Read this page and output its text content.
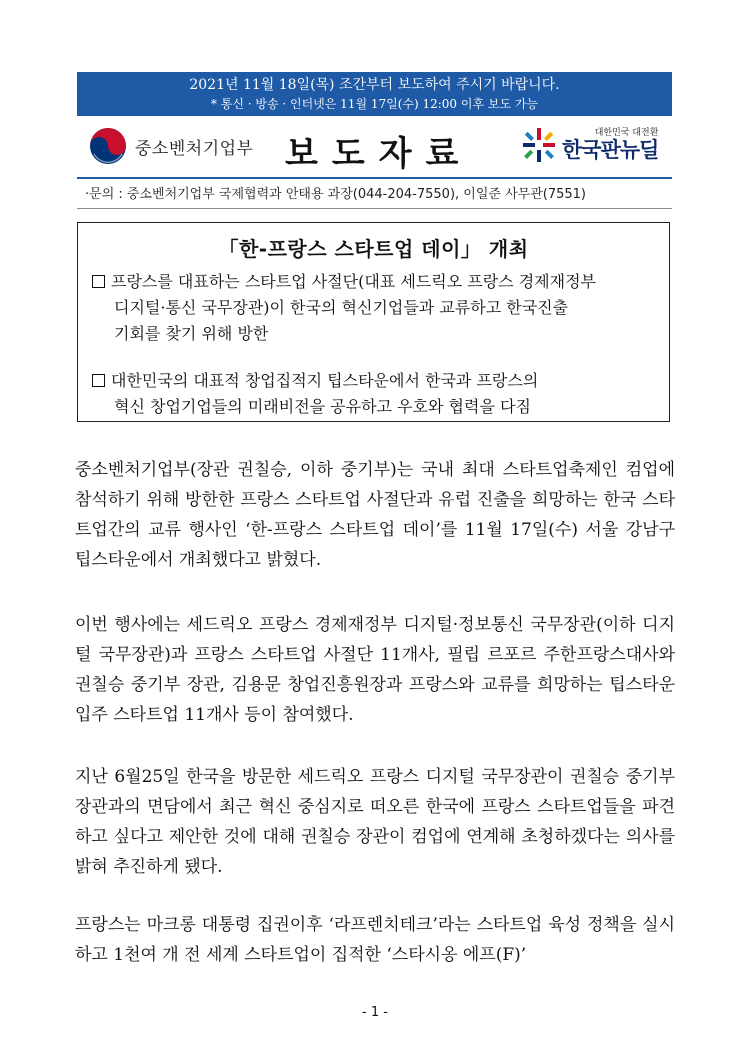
2021년 11월 18일(목) 조간부터 보도하여 주시기 바랍니다.
* 통신 · 방송 · 인터넷은 11월 17일(수) 12:00 이후 보도 가능
중소벤처기업부 보도자료
대한민국 대전환
한국판뉴딜
·문의 : 중소벤처기업부 국제협력과 안태용 과장(044-204-7550), 이일준 사무관(7551)
「한-프랑스 스타트업 데이」 개최
프랑스를 대표하는 스타트업 사절단(대표 세드릭오 프랑스 경제재정부
디지털·통신 국무장관)이 한국의 혁신기업들과 교류하고 한국진출
기회를 찾기 위해 방한
대한민국의 대표적 창업집적지 팁스타운에서 한국과 프랑스의
혁신 창업기업들의 미래비전을 공유하고 우호와 협력을 다짐
중소벤처기업부(장관 권칠승, 이하 중기부)는 국내 최대 스타트업축제인 컴업에 참석하기 위해 방한한 프랑스 스타트업 사절단과 유럽 진출을 희망하는 한국 스타트업간의 교류 행사인 ‘한-프랑스 스타트업 데이’를 11월 17일(수) 서울 강남구 팁스타운에서 개최했다고 밝혔다.
이번 행사에는 세드릭오 프랑스 경제재정부 디지털·정보통신 국무장관(이하 디지털 국무장관)과 프랑스 스타트업 사절단 11개사, 필립 르포르 주한프랑스대사와 권칠승 중기부 장관, 김용문 창업진흥원장과 프랑스와 교류를 희망하는 팁스타운 입주 스타트업 11개사 등이 참여했다.
지난 6월25일 한국을 방문한 세드릭오 프랑스 디지털 국무장관이 권칠승 중기부 장관과의 면담에서 최근 혁신 중심지로 떠오른 한국에 프랑스 스타트업들을 파견하고 싶다고 제안한 것에 대해 권칠승 장관이 컴업에 연계해 초청하겠다는 의사를 밝혀 추진하게 됐다.
프랑스는 마크롱 대통령 집권이후 ‘라프렌치테크’라는 스타트업 육성 정책을 실시하고 1천여 개 전 세계 스타트업이 집적한 ‘스타시옹 에프(F)’
- 1 -
